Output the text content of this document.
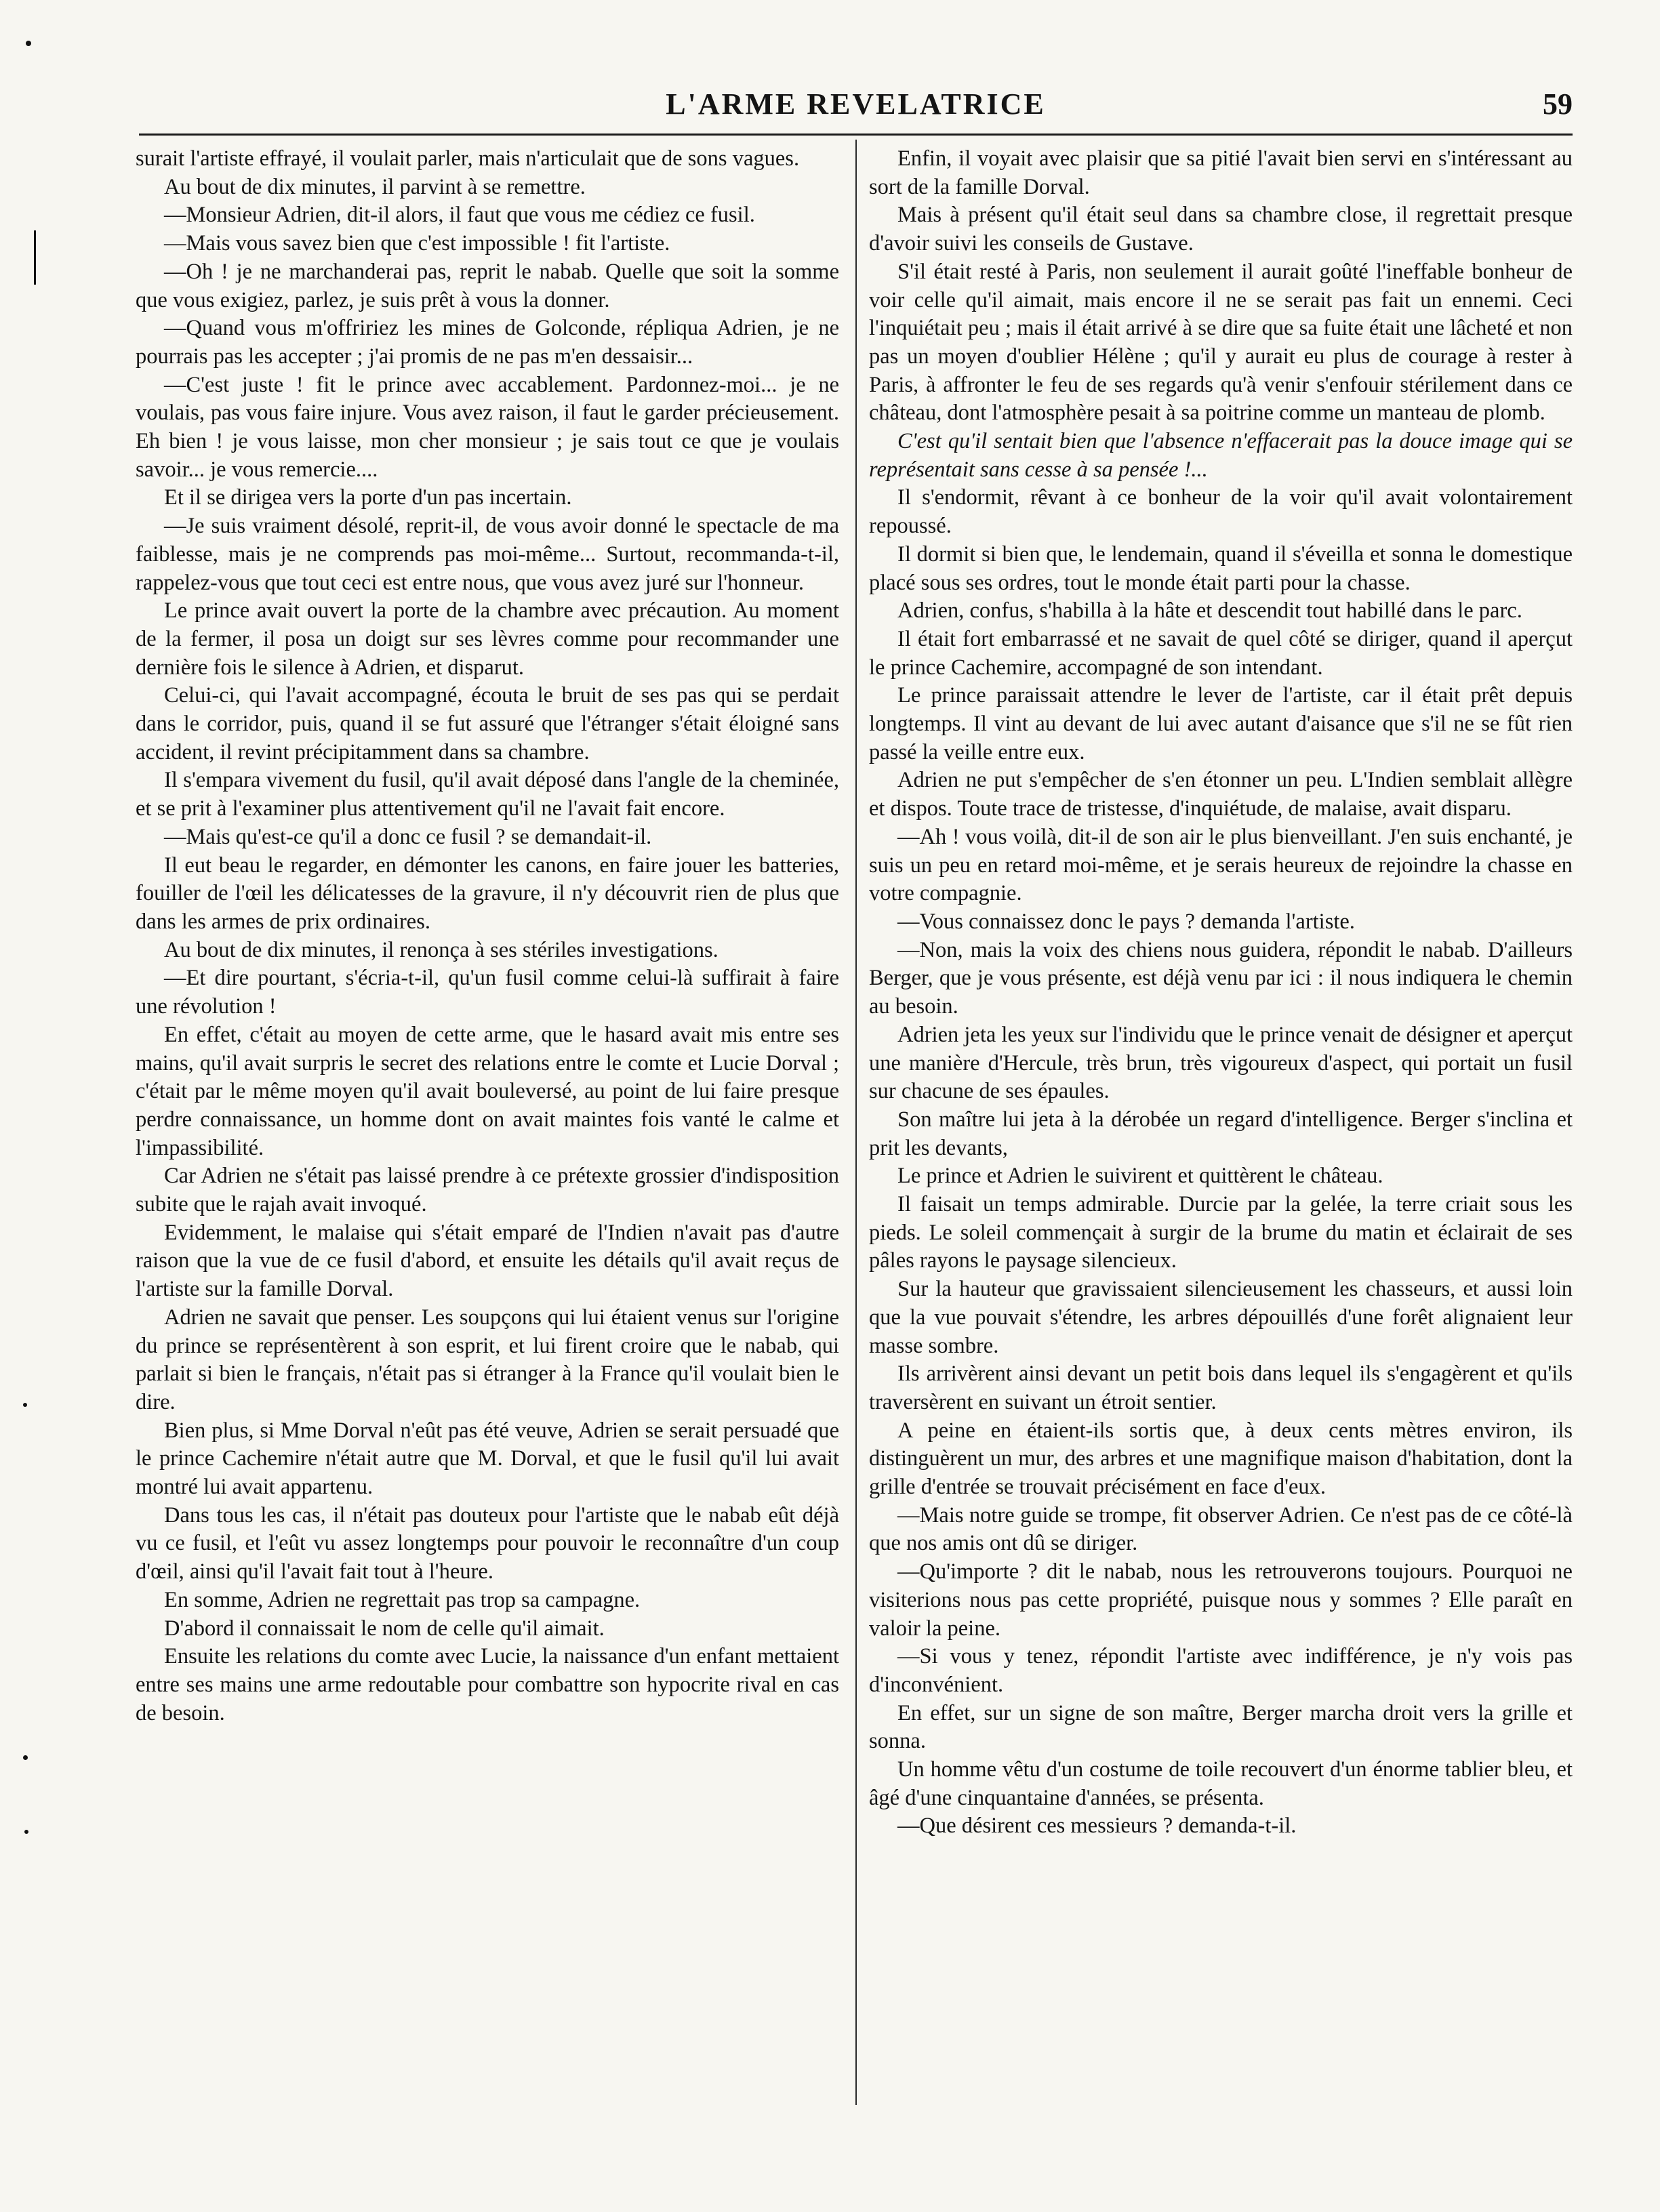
L'ARME REVELATRICE	59

surait l'artiste effrayé, il voulait parler, mais n'articulait que de sons vagues.

Au bout de dix minutes, il parvint à se remettre.

—Monsieur Adrien, dit-il alors, il faut que vous me cédiez ce fusil.

—Mais vous savez bien que c'est impossible ! fit l'artiste.

—Oh ! je ne marchanderai pas, reprit le nabab. Quelle que soit la somme que vous exigiez, parlez, je suis prêt à vous la donner.

—Quand vous m'offririez les mines de Golconde, répliqua Adrien, je ne pourrais pas les accepter ; j'ai promis de ne pas m'en dessaisir...

—C'est juste ! fit le prince avec accablement. Pardonnez-moi... je ne voulais, pas vous faire injure. Vous avez raison, il faut le garder précieusement. Eh bien ! je vous laisse, mon cher monsieur ; je sais tout ce que je voulais savoir... je vous remercie....

Et il se dirigea vers la porte d'un pas incertain.

—Je suis vraiment désolé, reprit-il, de vous avoir donné le spectacle de ma faiblesse, mais je ne comprends pas moi-même... Surtout, recommanda-t-il, rappelez-vous que tout ceci est entre nous, que vous avez juré sur l'honneur.

Le prince avait ouvert la porte de la chambre avec précaution. Au moment de la fermer, il posa un doigt sur ses lèvres comme pour recommander une dernière fois le silence à Adrien, et disparut.

Celui-ci, qui l'avait accompagné, écouta le bruit de ses pas qui se perdait dans le corridor, puis, quand il se fut assuré que l'étranger s'était éloigné sans accident, il revint précipitamment dans sa chambre.

Il s'empara vivement du fusil, qu'il avait déposé dans l'angle de la cheminée, et se prit à l'examiner plus attentivement qu'il ne l'avait fait encore.

—Mais qu'est-ce qu'il a donc ce fusil ? se demandait-il.

Il eut beau le regarder, en démonter les canons, en faire jouer les batteries, fouiller de l'œil les délicatesses de la gravure, il n'y découvrit rien de plus que dans les armes de prix ordinaires.

Au bout de dix minutes, il renonça à ses stériles investigations.

—Et dire pourtant, s'écria-t-il, qu'un fusil comme celui-là suffirait à faire une révolution !

En effet, c'était au moyen de cette arme, que le hasard avait mis entre ses mains, qu'il avait surpris le secret des relations entre le comte et Lucie Dorval ; c'était par le même moyen qu'il avait bouleversé, au point de lui faire presque perdre connaissance, un homme dont on avait maintes fois vanté le calme et l'impassibilité.

Car Adrien ne s'était pas laissé prendre à ce prétexte grossier d'indisposition subite que le rajah avait invoqué.

Evidemment, le malaise qui s'était emparé de l'Indien n'avait pas d'autre raison que la vue de ce fusil d'abord, et ensuite les détails qu'il avait reçus de l'artiste sur la famille Dorval.

Adrien ne savait que penser. Les soupçons qui lui étaient venus sur l'origine du prince se représentèrent à son esprit, et lui firent croire que le nabab, qui parlait si bien le français, n'était pas si étranger à la France qu'il voulait bien le dire.

Bien plus, si Mme Dorval n'eût pas été veuve, Adrien se serait persuadé que le prince Cachemire n'était autre que M. Dorval, et que le fusil qu'il lui avait montré lui avait appartenu.

Dans tous les cas, il n'était pas douteux pour l'artiste que le nabab eût déjà vu ce fusil, et l'eût vu assez longtemps pour pouvoir le reconnaître d'un coup d'œil, ainsi qu'il l'avait fait tout à l'heure.

En somme, Adrien ne regrettait pas trop sa campagne.

D'abord il connaissait le nom de celle qu'il aimait.

Ensuite les relations du comte avec Lucie, la naissance d'un enfant mettaient entre ses mains une arme redoutable pour combattre son hypocrite rival en cas de besoin.

Enfin, il voyait avec plaisir que sa pitié l'avait bien servi en s'intéressant au sort de la famille Dorval.

Mais à présent qu'il était seul dans sa chambre close, il regrettait presque d'avoir suivi les conseils de Gustave.

S'il était resté à Paris, non seulement il aurait goûté l'ineffable bonheur de voir celle qu'il aimait, mais encore il ne se serait pas fait un ennemi. Ceci l'inquiétait peu ; mais il était arrivé à se dire que sa fuite était une lâcheté et non pas un moyen d'oublier Hélène ; qu'il y aurait eu plus de courage à rester à Paris, à affronter le feu de ses regards qu'à venir s'enfouir stérilement dans ce château, dont l'atmosphère pesait à sa poitrine comme un manteau de plomb.

C'est qu'il sentait bien que l'absence n'effacerait pas la douce image qui se représentait sans cesse à sa pensée !...

Il s'endormit, rêvant à ce bonheur de la voir qu'il avait volontairement repoussé.

Il dormit si bien que, le lendemain, quand il s'éveilla et sonna le domestique placé sous ses ordres, tout le monde était parti pour la chasse.

Adrien, confus, s'habilla à la hâte et descendit tout habillé dans le parc.

Il était fort embarrassé et ne savait de quel côté se diriger, quand il aperçut le prince Cachemire, accompagné de son intendant.

Le prince paraissait attendre le lever de l'artiste, car il était prêt depuis longtemps. Il vint au devant de lui avec autant d'aisance que s'il ne se fût rien passé la veille entre eux.

Adrien ne put s'empêcher de s'en étonner un peu. L'Indien semblait allègre et dispos. Toute trace de tristesse, d'inquiétude, de malaise, avait disparu.

—Ah ! vous voilà, dit-il de son air le plus bienveillant. J'en suis enchanté, je suis un peu en retard moi-même, et je serais heureux de rejoindre la chasse en votre compagnie.

—Vous connaissez donc le pays ? demanda l'artiste.

—Non, mais la voix des chiens nous guidera, répondit le nabab. D'ailleurs Berger, que je vous présente, est déjà venu par ici : il nous indiquera le chemin au besoin.

Adrien jeta les yeux sur l'individu que le prince venait de désigner et aperçut une manière d'Hercule, très brun, très vigoureux d'aspect, qui portait un fusil sur chacune de ses épaules.

Son maître lui jeta à la dérobée un regard d'intelligence. Berger s'inclina et prit les devants,

Le prince et Adrien le suivirent et quittèrent le château.

Il faisait un temps admirable. Durcie par la gelée, la terre criait sous les pieds. Le soleil commençait à surgir de la brume du matin et éclairait de ses pâles rayons le paysage silencieux.

Sur la hauteur que gravissaient silencieusement les chasseurs, et aussi loin que la vue pouvait s'étendre, les arbres dépouillés d'une forêt alignaient leur masse sombre.

Ils arrivèrent ainsi devant un petit bois dans lequel ils s'engagèrent et qu'ils traversèrent en suivant un étroit sentier.

A peine en étaient-ils sortis que, à deux cents mètres environ, ils distinguèrent un mur, des arbres et une magnifique maison d'habitation, dont la grille d'entrée se trouvait précisément en face d'eux.

—Mais notre guide se trompe, fit observer Adrien. Ce n'est pas de ce côté-là que nos amis ont dû se diriger.

—Qu'importe ? dit le nabab, nous les retrouverons toujours. Pourquoi ne visiterions nous pas cette propriété, puisque nous y sommes ? Elle paraît en valoir la peine.

—Si vous y tenez, répondit l'artiste avec indifférence, je n'y vois pas d'inconvénient.

En effet, sur un signe de son maître, Berger marcha droit vers la grille et sonna.

Un homme vêtu d'un costume de toile recouvert d'un énorme tablier bleu, et âgé d'une cinquantaine d'années, se présenta.

—Que désirent ces messieurs ? demanda-t-il.
